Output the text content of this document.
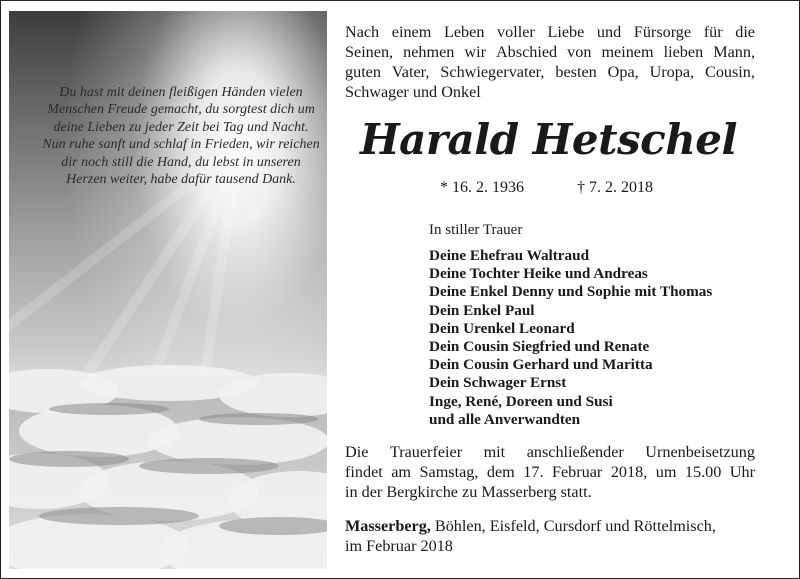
Du hast mit deinen fleißigen Händen vielen
Menschen Freude gemacht, du sorgtest dich um
deine Lieben zu jeder Zeit bei Tag und Nacht.
Nun ruhe sanft und schlaf in Frieden, wir reichen
dir noch still die Hand, du lebst in unseren
Herzen weiter, habe dafür tausend Dank.
Nach einem Leben voller Liebe und Fürsorge für die
Seinen, nehmen wir Abschied von meinem lieben Mann,
guten Vater, Schwiegervater, besten Opa, Uropa, Cousin,
Schwager und Onkel
Harald Hetschel
* 16. 2. 1936	† 7. 2. 2018
In stiller Trauer
Deine Ehefrau Waltraud
Deine Tochter Heike und Andreas
Deine Enkel Denny und Sophie mit Thomas
Dein Enkel Paul
Dein Urenkel Leonard
Dein Cousin Siegfried und Renate
Dein Cousin Gerhard und Maritta
Dein Schwager Ernst
Inge, René, Doreen und Susi
und alle Anverwandten
Die Trauerfeier mit anschließender Urnenbeisetzung
findet am Samstag, dem 17. Februar 2018, um 15.00 Uhr
in der Bergkirche zu Masserberg statt.
Masserberg, Böhlen, Eisfeld, Cursdorf und Röttelmisch,
im Februar 2018
